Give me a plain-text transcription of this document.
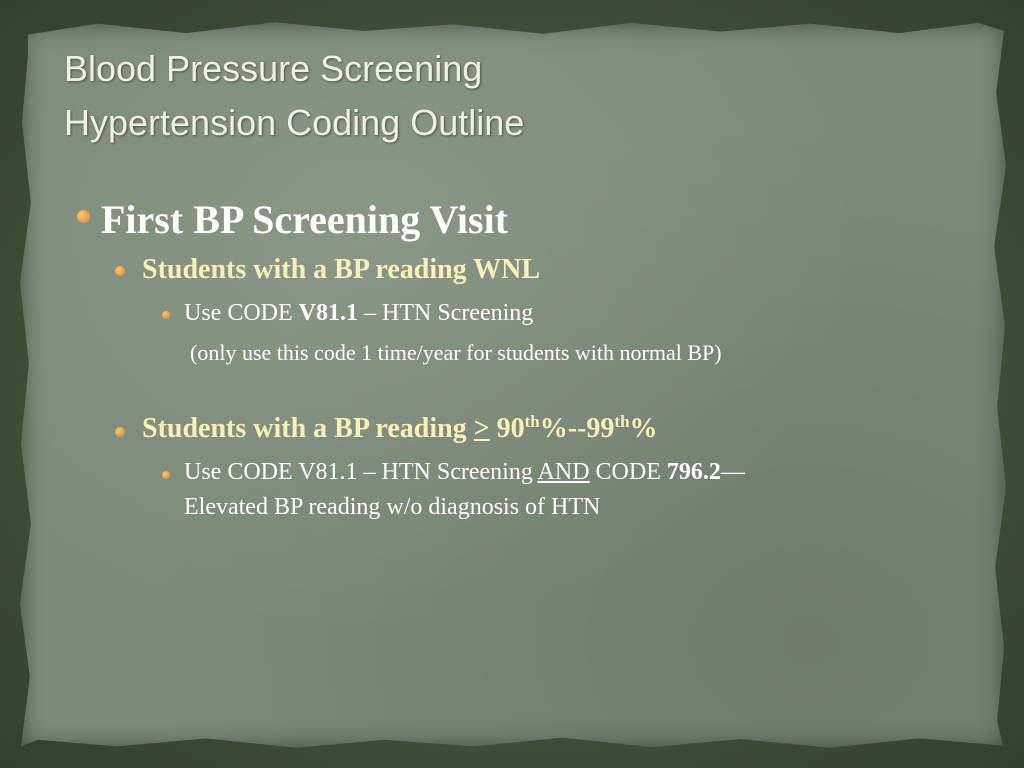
Blood Pressure Screening
Hypertension Coding Outline
First BP Screening Visit
Students with a BP reading WNL
Use CODE V81.1 – HTN Screening
(only use this code 1 time/year for students with normal BP)
Students with a BP reading ≥ 90th%--99th%
Use CODE V81.1 – HTN Screening AND CODE 796.2—
Elevated BP reading w/o diagnosis of HTN
